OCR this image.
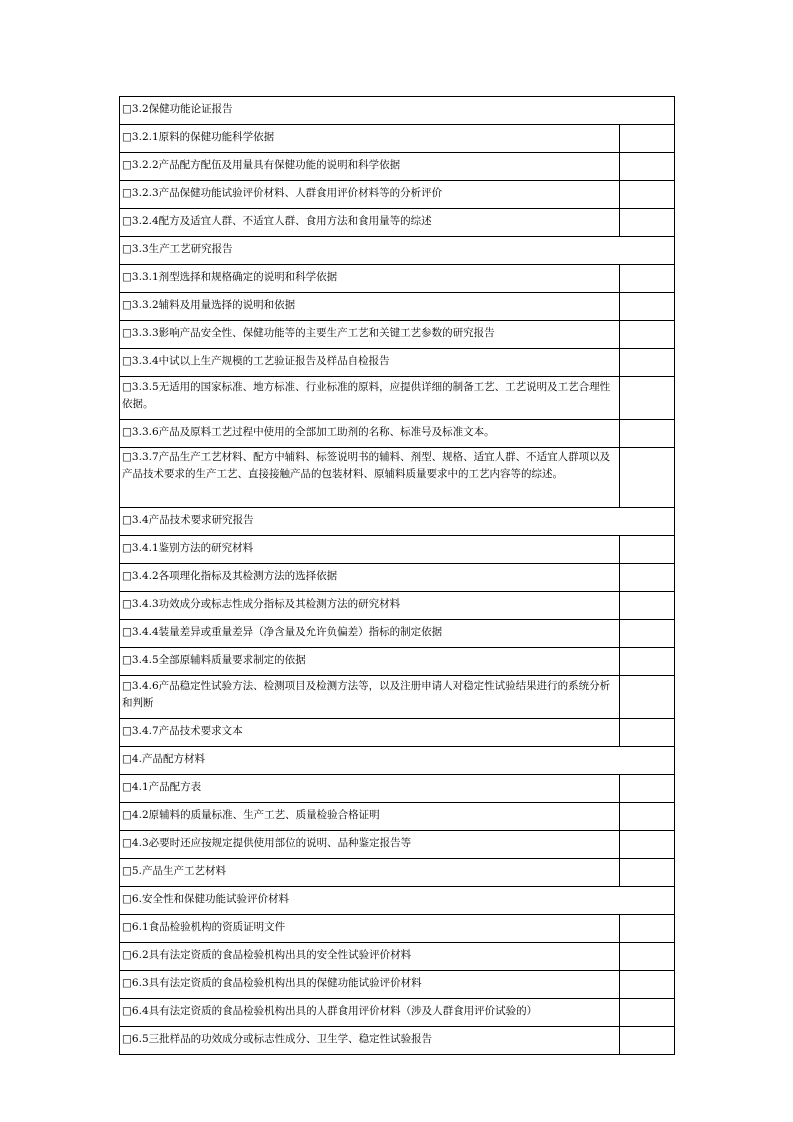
□3.2保健功能论证报告	
□3.2.1原料的保健功能科学依据	
□3.2.2产品配方配伍及用量具有保健功能的说明和科学依据	
□3.2.3产品保健功能试验评价材料、人群食用评价材料等的分析评价	
□3.2.4配方及适宜人群、不适宜人群、食用方法和食用量等的综述	
□3.3生产工艺研究报告	
□3.3.1剂型选择和规格确定的说明和科学依据	
□3.3.2辅料及用量选择的说明和依据	
□3.3.3影响产品安全性、保健功能等的主要生产工艺和关键工艺参数的研究报告	
□3.3.4中试以上生产规模的工艺验证报告及样品自检报告	
□3.3.5无适用的国家标准、地方标准、行业标准的原料，应提供详细的制备工艺、工艺说明及工艺合理性依据。	
□3.3.6产品及原料工艺过程中使用的全部加工助剂的名称、标准号及标准文本。	
□3.3.7产品生产工艺材料、配方中辅料、标签说明书的辅料、剂型、规格、适宜人群、不适宜人群项以及产品技术要求的生产工艺、直接接触产品的包装材料、原辅料质量要求中的工艺内容等的综述。	
□3.4产品技术要求研究报告	
□3.4.1鉴别方法的研究材料	
□3.4.2各项理化指标及其检测方法的选择依据	
□3.4.3功效成分或标志性成分指标及其检测方法的研究材料	
□3.4.4装量差异或重量差异（净含量及允许负偏差）指标的制定依据	
□3.4.5全部原辅料质量要求制定的依据	
□3.4.6产品稳定性试验方法、检测项目及检测方法等，以及注册申请人对稳定性试验结果进行的系统分析和判断	
□3.4.7产品技术要求文本	
□4.产品配方材料	
□4.1产品配方表	
□4.2原辅料的质量标准、生产工艺、质量检验合格证明	
□4.3必要时还应按规定提供使用部位的说明、品种鉴定报告等	
□5.产品生产工艺材料	
□6.安全性和保健功能试验评价材料	
□6.1食品检验机构的资质证明文件	
□6.2具有法定资质的食品检验机构出具的安全性试验评价材料	
□6.3具有法定资质的食品检验机构出具的保健功能试验评价材料	
□6.4具有法定资质的食品检验机构出具的人群食用评价材料（涉及人群食用评价试验的）	
□6.5三批样品的功效成分或标志性成分、卫生学、稳定性试验报告	
